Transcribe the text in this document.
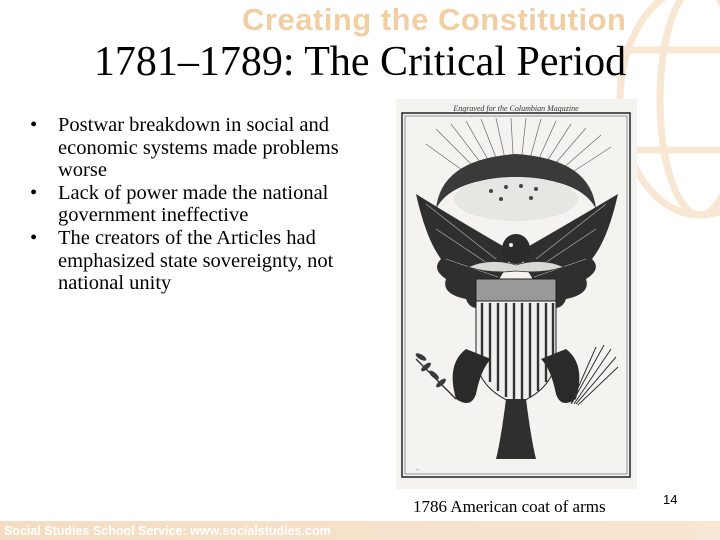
Creating the Constitution
1781–1789: The Critical Period
• Postwar breakdown in social and economic systems made problems worse
• Lack of power made the national government ineffective
• The creators of the Articles had emphasized state sovereignty, not national unity
Engraved for the Columbian Magazine
~
1786 American coat of arms	14
Social Studies School Service: www.socialstudies.com
